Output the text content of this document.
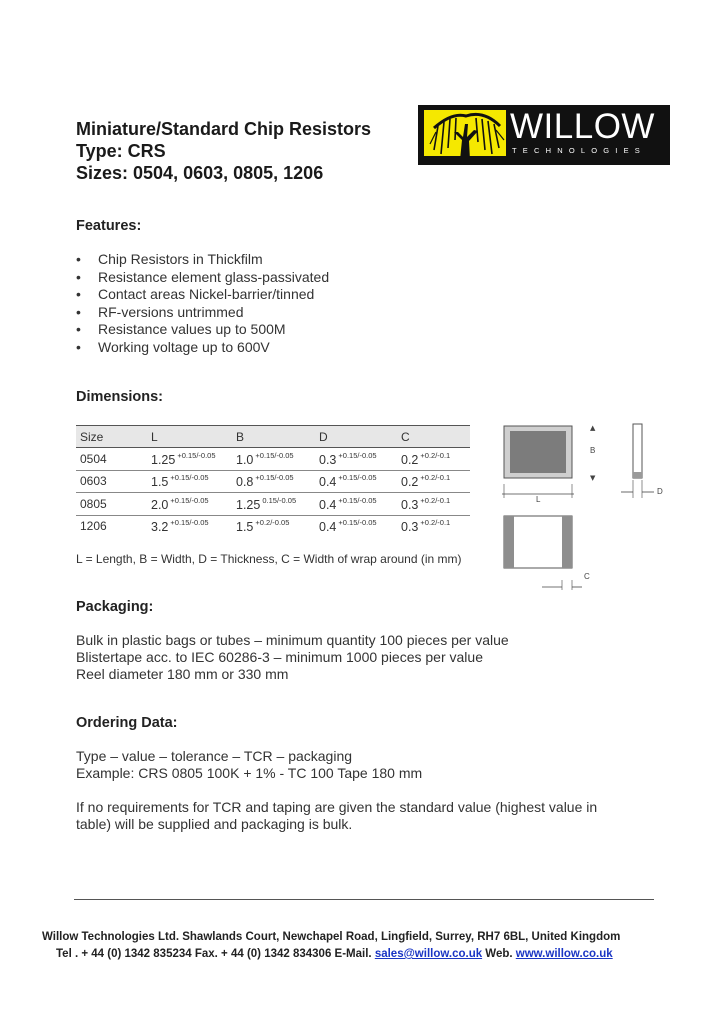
Miniature/Standard Chip Resistors
Type: CRS
Sizes: 0504, 0603, 0805, 1206
WILLOW
TECHNOLOGIES
Features:
• Chip Resistors in Thickfilm
• Resistance element glass-passivated
• Contact areas Nickel-barrier/tinned
• RF-versions untrimmed
• Resistance values up to 500M
• Working voltage up to 600V
Dimensions:
Size	L	B	D	C
0504	1.25 $^{+0.15/-0.05}$	1.0 $^{+0.15/-0.05}$	0.3 $^{+0.15/-0.05}$	0.2 $^{+0.2/-0.1}$
0603	1.5 $^{+0.15/-0.05}$	0.8 $^{+0.15/-0.05}$	0.4 $^{+0.15/-0.05}$	0.2 $^{+0.2/-0.1}$
0805	2.0 $^{+0.15/-0.05}$	1.25 $^{0.15/-0.05}$	0.4 $^{+0.15/-0.05}$	0.3 $^{+0.2/-0.1}$
1206	3.2 $^{+0.15/-0.05}$	1.5 $^{+0.2/-0.05}$	0.4 $^{+0.15/-0.05}$	0.3 $^{+0.2/-0.1}$
▲
▼
B
L
D
C
L = Length, B = Width, D = Thickness, C = Width of wrap around (in mm)
Packaging:
Bulk in plastic bags or tubes – minimum quantity 100 pieces per value
Blistertape acc. to IEC 60286-3 – minimum 1000 pieces per value
Reel diameter 180 mm or 330 mm
Ordering Data:
Type – value – tolerance – TCR – packaging
Example: CRS 0805 100K + 1% - TC 100 Tape 180 mm
If no requirements for TCR and taping are given the standard value (highest value in
table) will be supplied and packaging is bulk.
Willow Technologies Ltd. Shawlands Court, Newchapel Road, Lingfield, Surrey, RH7 6BL, United Kingdom
Tel . + 44 (0) 1342 835234 Fax. + 44 (0) 1342 834306 E-Mail. sales@willow.co.uk Web. www.willow.co.uk
